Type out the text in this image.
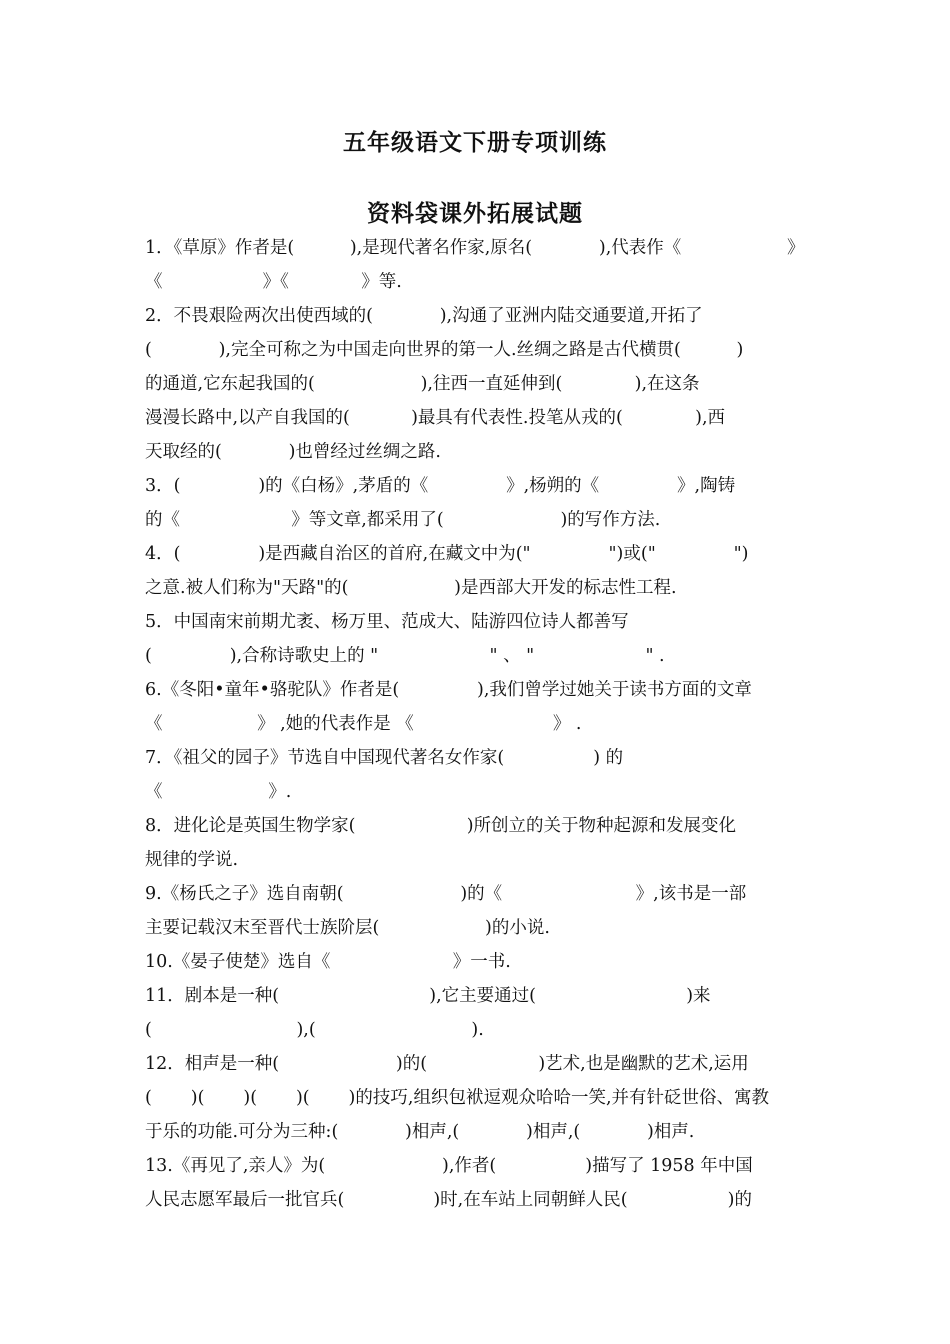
五年级语文下册专项训练
资料袋课外拓展试题
1．《草原》作者是(          ),是现代著名作家,原名(            ),代表作《                   》
《                  》《             》等.
2．不畏艰险两次出使西域的(            ),沟通了亚洲内陆交通要道,开拓了
(            ),完全可称之为中国走向世界的第一人.丝绸之路是古代横贯(          )
的通道,它东起我国的(                   ),往西一直延伸到(             ),在这条
漫漫长路中,以产自我国的(           )最具有代表性.投笔从戎的(             ),西
天取经的(            )也曾经过丝绸之路.
3．(              )的《白杨》,茅盾的《              》,杨朔的《              》,陶铸
的《                    》等文章,都采用了(                     )的写作方法.
4．(              )是西藏自治区的首府,在藏文中为("              ")或("              ")
之意.被人们称为"天路"的(                   )是西部大开发的标志性工程.
5．中国南宋前期尤袤、杨万里、范成大、陆游四位诗人都善写
(              ),合称诗歌史上的 "                    " 、 "                    " .
6.《冬阳•童年•骆驼队》作者是(              ),我们曾学过她关于读书方面的文章
《                 》 ,她的代表作是 《                         》 .
7．《祖父的园子》节选自中国现代著名女作家(                ) 的
《                   》.
8．进化论是英国生物学家(                    )所创立的关于物种起源和发展变化
规律的学说.
9.《杨氏之子》选自南朝(                     )的《                        》,该书是一部
主要记载汉末至晋代士族阶层(                   )的小说.
10.《晏子使楚》选自《                      》一书.
11．剧本是一种(                           ),它主要通过(                           )来
(                          ),(                            ).
12．相声是一种(                     )的(                    )艺术,也是幽默的艺术,运用
(       )(       )(       )(       )的技巧,组织包袱逗观众哈哈一笑,并有针砭世俗、寓教
于乐的功能.可分为三种:(            )相声,(            )相声,(            )相声.
13.《再见了,亲人》为(                     ),作者(                )描写了 1958 年中国
人民志愿军最后一批官兵(                )时,在车站上同朝鲜人民(                  )的
